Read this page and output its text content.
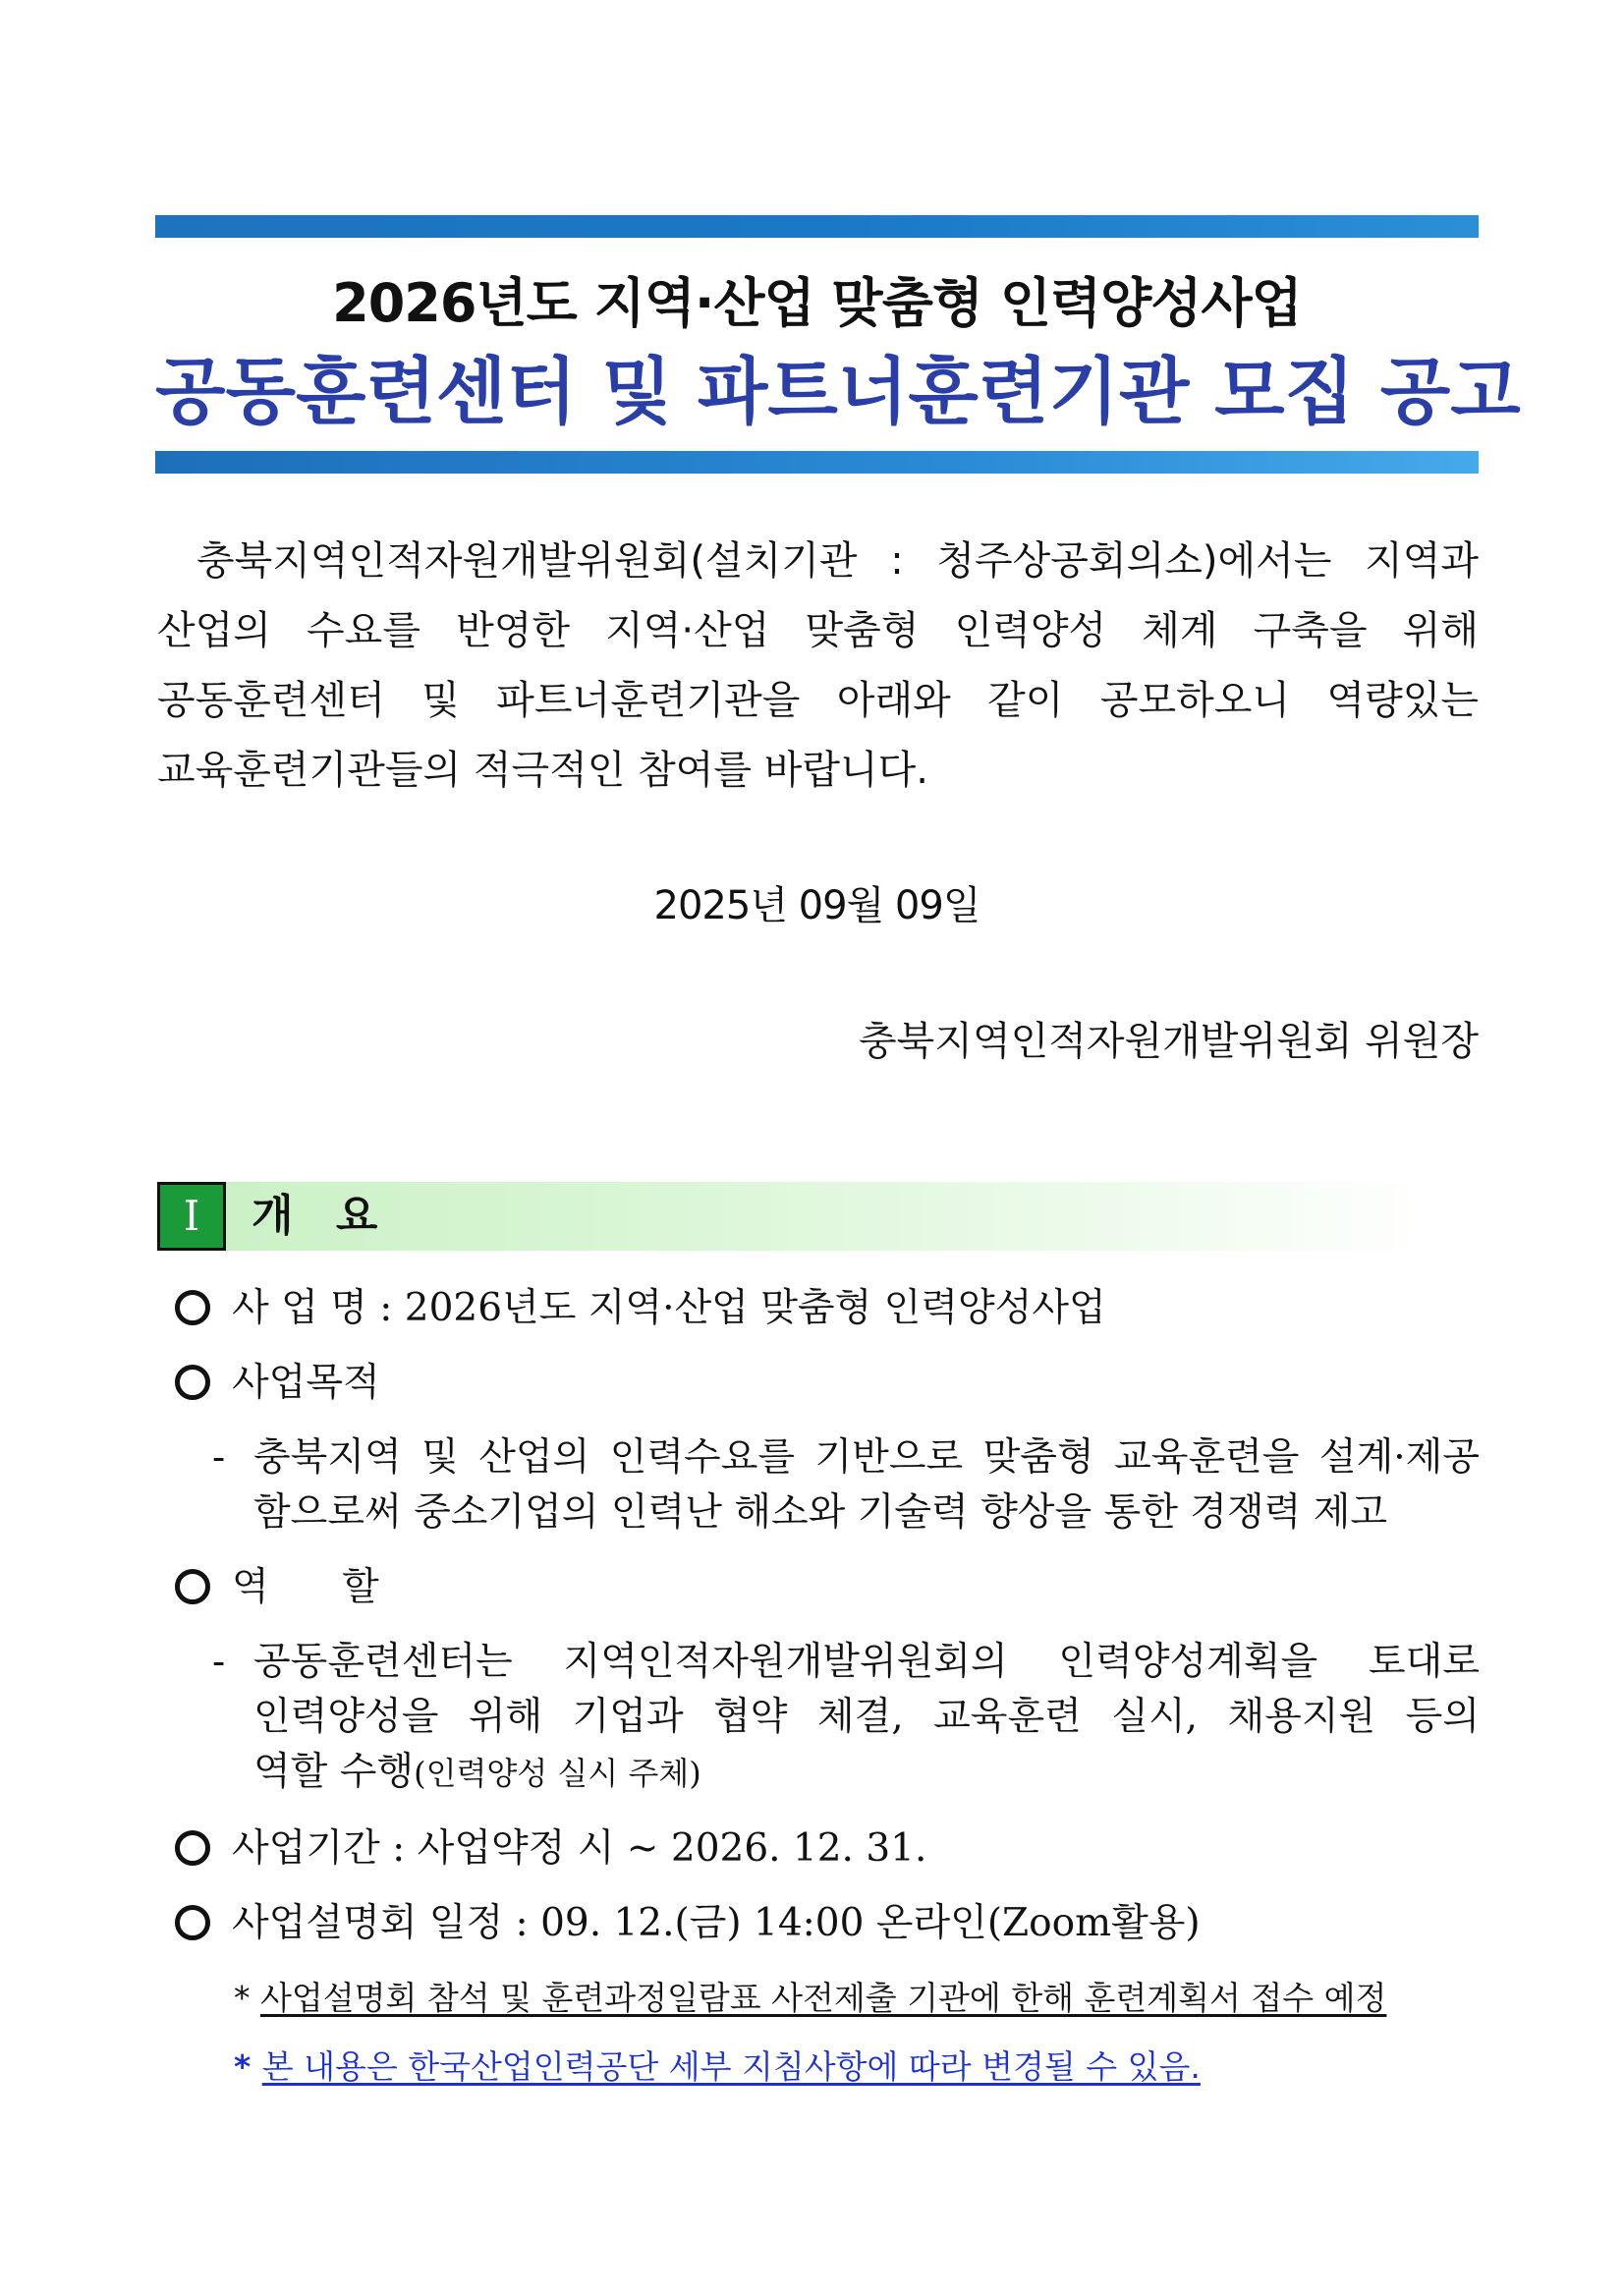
2026년도 지역·산업 맞춤형 인력양성사업
공동훈련센터 및 파트너훈련기관 모집 공고
충북지역인적자원개발위원회(설치기관 : 청주상공회의소)에서는 지역과
산업의 수요를 반영한 지역·산업 맞춤형 인력양성 체계 구축을 위해
공동훈련센터 및 파트너훈련기관을 아래와 같이 공모하오니 역량있는
교육훈련기관들의 적극적인 참여를 바랍니다.
2025년 09월 09일
충북지역인적자원개발위원회 위원장
I	개 요
사 업 명 : 2026년도 지역·산업 맞춤형 인력양성사업
사업목적
- 충북지역 및 산업의 인력수요를 기반으로 맞춤형 교육훈련을 설계·제공
함으로써 중소기업의 인력난 해소와 기술력 향상을 통한 경쟁력 제고
역      할
- 공동훈련센터는 지역인적자원개발위원회의 인력양성계획을 토대로
인력양성을 위해 기업과 협약 체결, 교육훈련 실시, 채용지원 등의
역할 수행(인력양성 실시 주체)
사업기간 : 사업약정 시 ~ 2026. 12. 31.
사업설명회 일정 : 09. 12.(금) 14:00 온라인(Zoom활용)
* 사업설명회 참석 및 훈련과정일람표 사전제출 기관에 한해 훈련계획서 접수 예정
* 본 내용은 한국산업인력공단 세부 지침사항에 따라 변경될 수 있음.
